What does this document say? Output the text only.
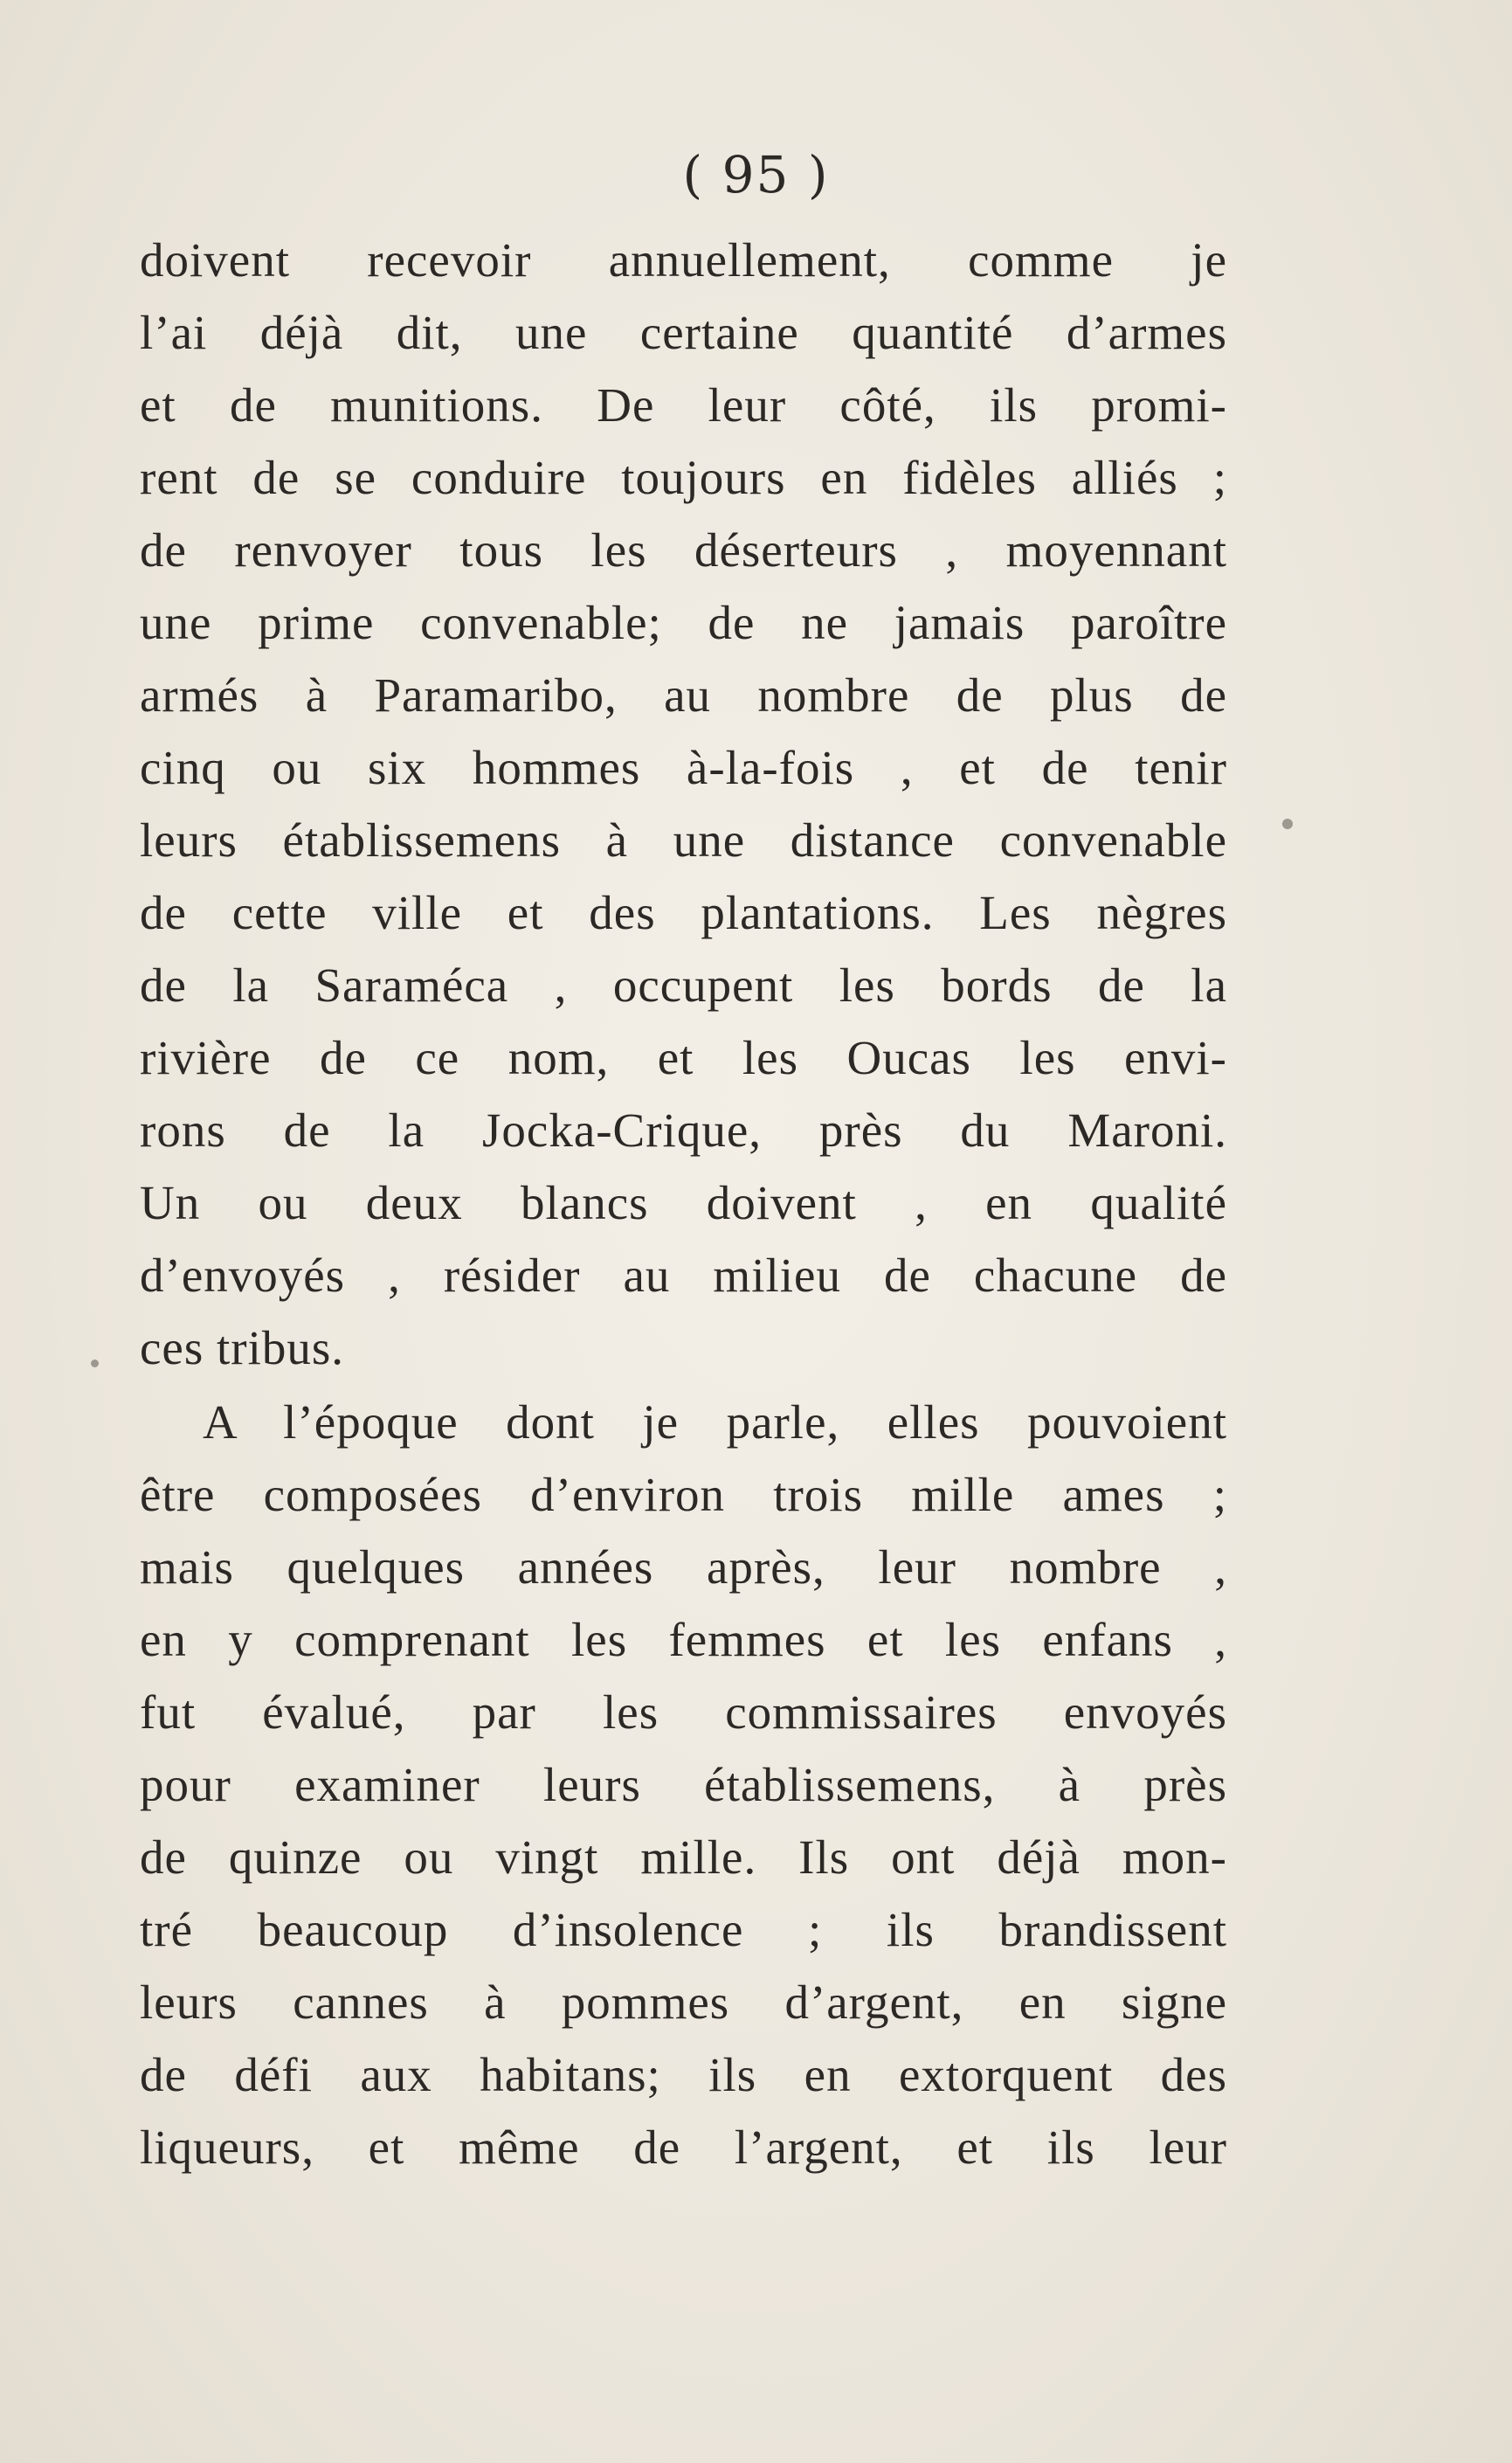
( 95 )
doivent recevoir annuellement, comme je
l’ai déjà dit, une certaine quantité d’armes
et de munitions. De leur côté, ils promi-
rent de se conduire toujours en fidèles alliés ;
de renvoyer tous les déserteurs , moyennant
une prime convenable; de ne jamais paroître
armés à Paramaribo, au nombre de plus de
cinq ou six hommes à-la-fois , et de tenir
leurs établissemens à une distance convenable
de cette ville et des plantations. Les nègres
de la Saraméca , occupent les bords de la
rivière de ce nom, et les Oucas les envi-
rons de la Jocka-Crique, près du Maroni.
Un ou deux blancs doivent , en qualité
d’envoyés , résider au milieu de chacune de
ces tribus.
A l’époque dont je parle, elles pouvoient
être composées d’environ trois mille ames ;
mais quelques années après, leur nombre ,
en y comprenant les femmes et les enfans ,
fut évalué, par les commissaires envoyés
pour examiner leurs établissemens, à près
de quinze ou vingt mille. Ils ont déjà mon-
tré beaucoup d’insolence ; ils brandissent
leurs cannes à pommes d’argent, en signe
de défi aux habitans; ils en extorquent des
liqueurs, et même de l’argent, et ils leur
